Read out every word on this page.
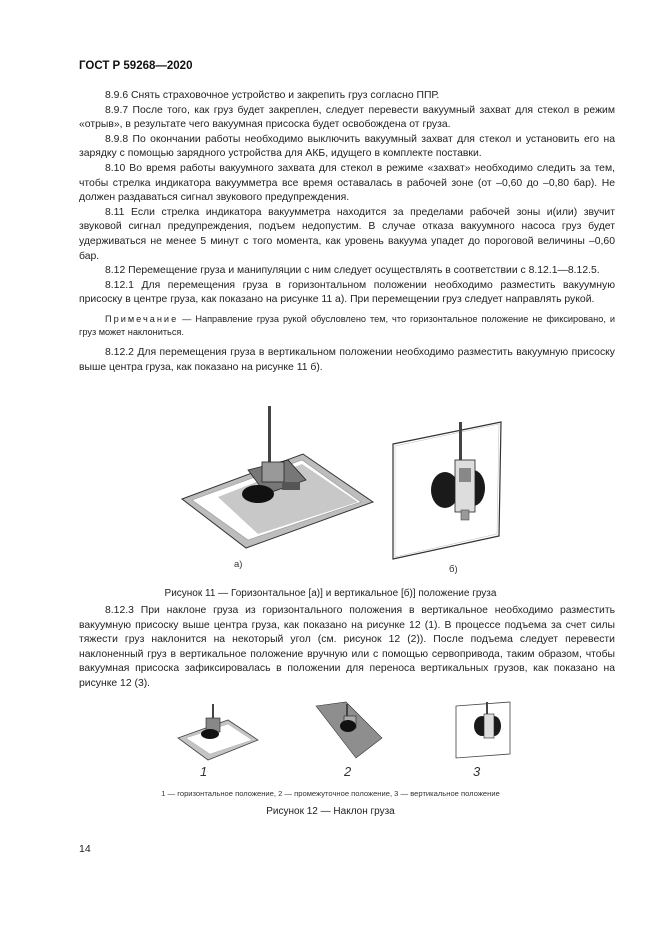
ГОСТ Р 59268—2020

8.9.6 Снять страховочное устройство и закрепить груз согласно ППР.

8.9.7 После того, как груз будет закреплен, следует перевести вакуумный захват для стекол в режим «отрыв», в результате чего вакуумная присоска будет освобождена от груза.

8.9.8 По окончании работы необходимо выключить вакуумный захват для стекол и установить его на зарядку с помощью зарядного устройства для АКБ, идущего в комплекте поставки.

8.10 Во время работы вакуумного захвата для стекол в режиме «захват» необходимо следить за тем, чтобы стрелка индикатора вакуумметра все время оставалась в рабочей зоне (от –0,60 до –0,80 бар). Не должен раздаваться сигнал звукового предупреждения.

8.11 Если стрелка индикатора вакуумметра находится за пределами рабочей зоны и(или) звучит звуковой сигнал предупреждения, подъем недопустим. В случае отказа вакуумного насоса груз будет удерживаться не менее 5 минут с того момента, как уровень вакуума упадет до пороговой величины –0,60 бар.

8.12 Перемещение груза и манипуляции с ним следует осуществлять в соответствии с 8.12.1—8.12.5.

8.12.1 Для перемещения груза в горизонтальном положении необходимо разместить вакуумную присоску в центре груза, как показано на рисунке 11 а). При перемещении груз следует направлять рукой.

Примечание — Направление груза рукой обусловлено тем, что горизонтальное положение не фиксировано, и груз может наклониться.

8.12.2 Для перемещения груза в вертикальном положении необходимо разместить вакуумную присоску выше центра груза, как показано на рисунке 11 б).

а)	б)
Рисунок 11 — Горизонтальное [а)] и вертикальное [б)] положение груза

8.12.3 При наклоне груза из горизонтального положения в вертикальное необходимо разместить вакуумную присоску выше центра груза, как показано на рисунке 12 (1). В процессе подъема за счет силы тяжести груз наклонится на некоторый угол (см. рисунок 12 (2)). После подъема следует перевести наклоненный груз в вертикальное положение вручную или с помощью сервопривода, таким образом, чтобы вакуумная присоска зафиксировалась в положении для переноса вертикальных грузов, как показано на рисунке 12 (3).

1	2	3
1 — горизонтальное положение, 2 — промежуточное положение, 3 — вертикальное положение
Рисунок 12 — Наклон груза
14
